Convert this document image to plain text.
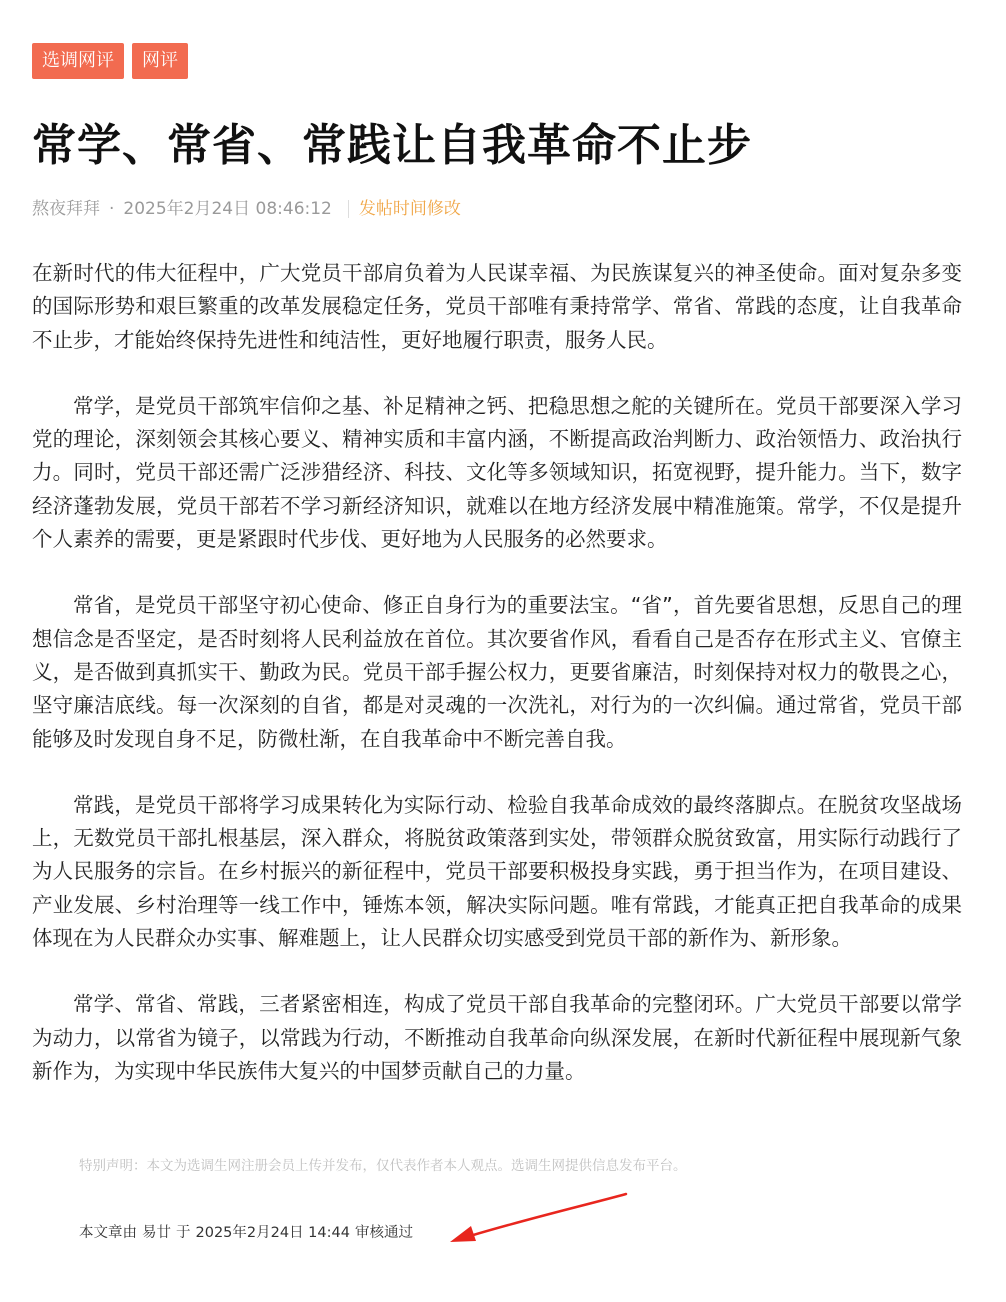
选调网评	网评
常学、常省、常践让自我革命不止步
熬夜拜拜 · 2025年2月24日 08:46:12 发帖时间修改

在新时代的伟大征程中，广大党员干部肩负着为人民谋幸福、为民族谋复兴的神圣使命。面对复杂多变的国际形势和艰巨繁重的改革发展稳定任务，党员干部唯有秉持常学、常省、常践的态度，让自我革命不止步，才能始终保持先进性和纯洁性，更好地履行职责，服务人民。

常学，是党员干部筑牢信仰之基、补足精神之钙、把稳思想之舵的关键所在。党员干部要深入学习党的理论，深刻领会其核心要义、精神实质和丰富内涵，不断提高政治判断力、政治领悟力、政治执行力。同时，党员干部还需广泛涉猎经济、科技、文化等多领域知识，拓宽视野，提升能力。当下，数字经济蓬勃发展，党员干部若不学习新经济知识，就难以在地方经济发展中精准施策。常学，不仅是提升个人素养的需要，更是紧跟时代步伐、更好地为人民服务的必然要求。

常省，是党员干部坚守初心使命、修正自身行为的重要法宝。“省”，首先要省思想，反思自己的理想信念是否坚定，是否时刻将人民利益放在首位。其次要省作风，看看自己是否存在形式主义、官僚主义，是否做到真抓实干、勤政为民。党员干部手握公权力，更要省廉洁，时刻保持对权力的敬畏之心，坚守廉洁底线。每一次深刻的自省，都是对灵魂的一次洗礼，对行为的一次纠偏。通过常省，党员干部能够及时发现自身不足，防微杜渐，在自我革命中不断完善自我。

常践，是党员干部将学习成果转化为实际行动、检验自我革命成效的最终落脚点。在脱贫攻坚战场上，无数党员干部扎根基层，深入群众，将脱贫政策落到实处，带领群众脱贫致富，用实际行动践行了为人民服务的宗旨。在乡村振兴的新征程中，党员干部要积极投身实践，勇于担当作为，在项目建设、产业发展、乡村治理等一线工作中，锤炼本领，解决实际问题。唯有常践，才能真正把自我革命的成果体现在为人民群众办实事、解难题上，让人民群众切实感受到党员干部的新作为、新形象。

常学、常省、常践，三者紧密相连，构成了党员干部自我革命的完整闭环。广大党员干部要以常学为动力，以常省为镜子，以常践为行动，不断推动自我革命向纵深发展，在新时代新征程中展现新气象新作为，为实现中华民族伟大复兴的中国梦贡献自己的力量。

特别声明：本文为选调生网注册会员上传并发布，仅代表作者本人观点。选调生网提供信息发布平台。
本文章由 易廿 于 2025年2月24日 14:44 审核通过
